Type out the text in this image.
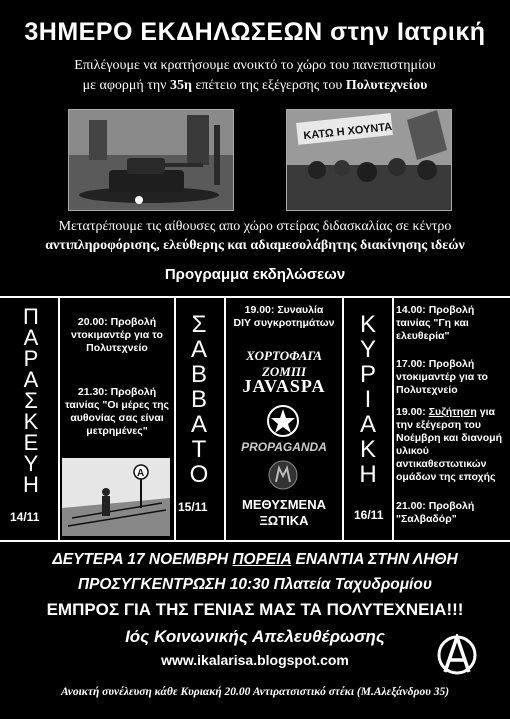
3ΗΜΕΡΟ ΕΚΔΗΛΩΣΕΩΝ στην Ιατρική
Επιλέγουμε να κρατήσουμε ανοικτό το χώρο του πανεπιστημίου
με αφορμή την 35η επέτειο της εξέγερσης του Πολυτεχνείου
ΚΑΤΩ Η ΧΟΥΝΤΑ
Μετατρέπουμε τις αίθουσες απο χώρο στείρας διδασκαλίας σε κέντρο
αντιπληροφόρισης, ελεύθερης και αδιαμεσολάβητης διακίνησης ιδεών
Προγραμμα εκδηλώσεων
Π
Α
Ρ
Α
Σ
Κ
Ε
Υ
Η
14/11
20.00: Προβολή ντοκιμαντέρ για το Πολυτεχνείο
21.30: Προβολή ταινίας "Οι μέρες της αυθονίας σας είναι μετρημένες"
A
Σ
Α
Β
Β
Α
Τ
Ο
15/11
19.00: Συναυλία
DIY συγκροτημάτων
ΧΟΡΤΟΦΑΓΑ ΖΟΜΠΙ
JAVASPA
PROPAGANDA
ΜΕΘΥΣΜΕΝΑ
ΞΩΤΙΚΑ
Κ
Υ
Ρ
Ι
Α
Κ
Η
16/11
14.00: Προβολή ταινίας "Γη και ελευθερία"
17.00: Προβολή ντοκιμαντέρ για το Πολυτεχνείο
19.00: Συζήτηση για την εξέγερση του Νοέμβρη και διανομή υλικού αντικαθεστωτικών ομάδων της εποχής
21.00: Προβολή "Σαλβαδόρ"
ΔΕΥΤΕΡΑ 17 ΝΟΕΜΒΡΗ ΠΟΡΕΙΑ ΕΝΑΝΤΙΑ ΣΤΗΝ ΛΗΘΗ
ΠΡΟΣΥΓΚΕΝΤΡΩΣΗ 10:30 Πλατεία Ταχυδρομίου
ΕΜΠΡΟΣ ΓΙΑ ΤΗΣ ΓΕΝΙΑΣ ΜΑΣ ΤΑ ΠΟΛΥΤΕΧΝΕΙΑ!!!
Ιός Κοινωνικής Απελευθέρωσης
www.ikalarisa.blogspot.com
Ανοικτή συνέλευση κάθε Κυριακή 20.00 Αντιρατσιστικό στέκι (Μ.Αλεξάνδρου 35)
